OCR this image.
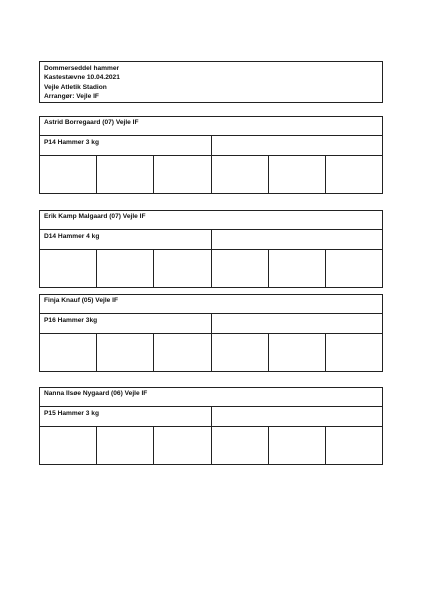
Dommerseddel hammer
Kastestævne 10.04.2021
Vejle Atletik Stadion
Arrangør: Vejle IF
Astrid Borregaard (07) Vejle IF
P14 Hammer 3 kg
Erik Kamp Malgaard (07) Vejle IF
D14 Hammer 4 kg
Finja Knauf (05) Vejle IF
P16 Hammer 3kg
Nanna Ilsøe Nygaard (06) Vejle IF
P15 Hammer 3 kg
